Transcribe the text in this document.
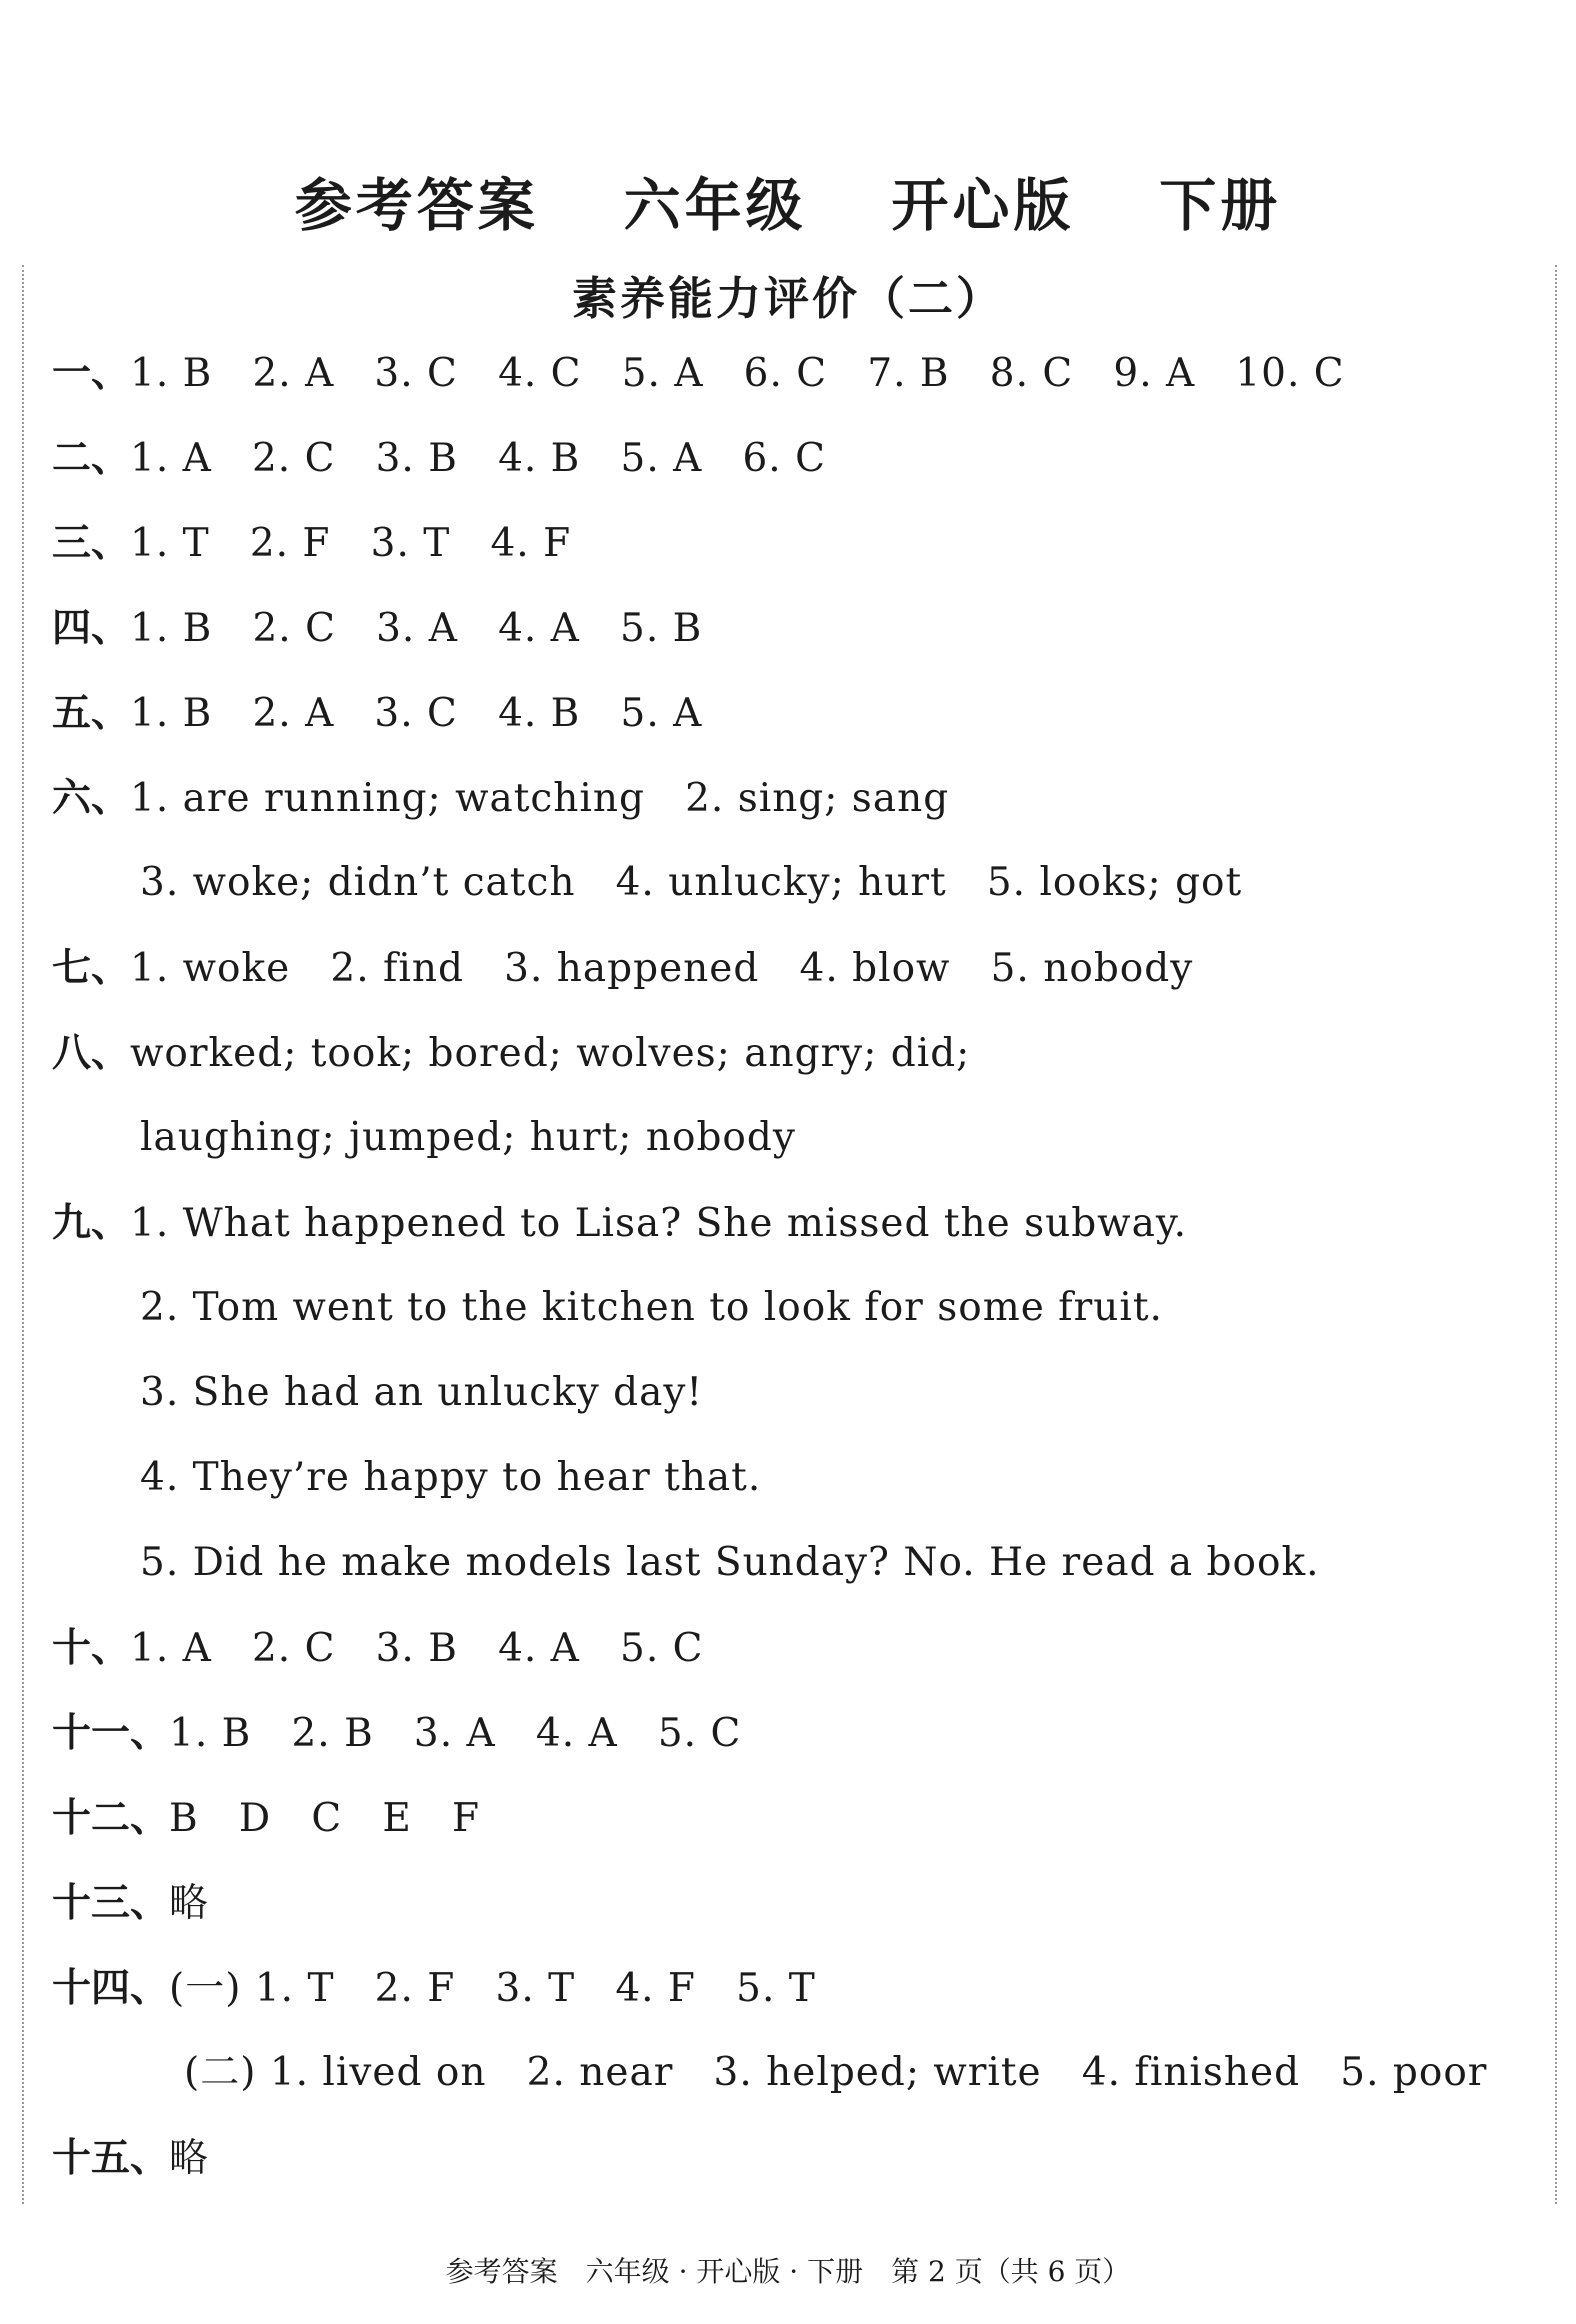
参考答案　 六年级　 开心版　 下册
素养能力评价（二）
一、1. B   2. A   3. C   4. C   5. A   6. C   7. B   8. C   9. A   10. C
二、1. A   2. C   3. B   4. B   5. A   6. C
三、1. T   2. F   3. T   4. F
四、1. B   2. C   3. A   4. A   5. B
五、1. B   2. A   3. C   4. B   5. A
六、1. are running; watching   2. sing; sang
3. woke; didn’t catch   4. unlucky; hurt   5. looks; got
七、1. woke   2. find   3. happened   4. blow   5. nobody
八、worked; took; bored; wolves; angry; did;
laughing; jumped; hurt; nobody
九、1. What happened to Lisa? She missed the subway.
2. Tom went to the kitchen to look for some fruit.
3. She had an unlucky day!
4. They’re happy to hear that.
5. Did he make models last Sunday? No. He read a book.
十、1. A   2. C   3. B   4. A   5. C
十一、1. B   2. B   3. A   4. A   5. C
十二、B   D   C   E   F
十三、略
十四、(一) 1. T   2. F   3. T   4. F   5. T
(二) 1. lived on   2. near   3. helped; write   4. finished   5. poor
十五、略
参考答案　六年级 · 开心版 · 下册　第 2 页（共 6 页）
